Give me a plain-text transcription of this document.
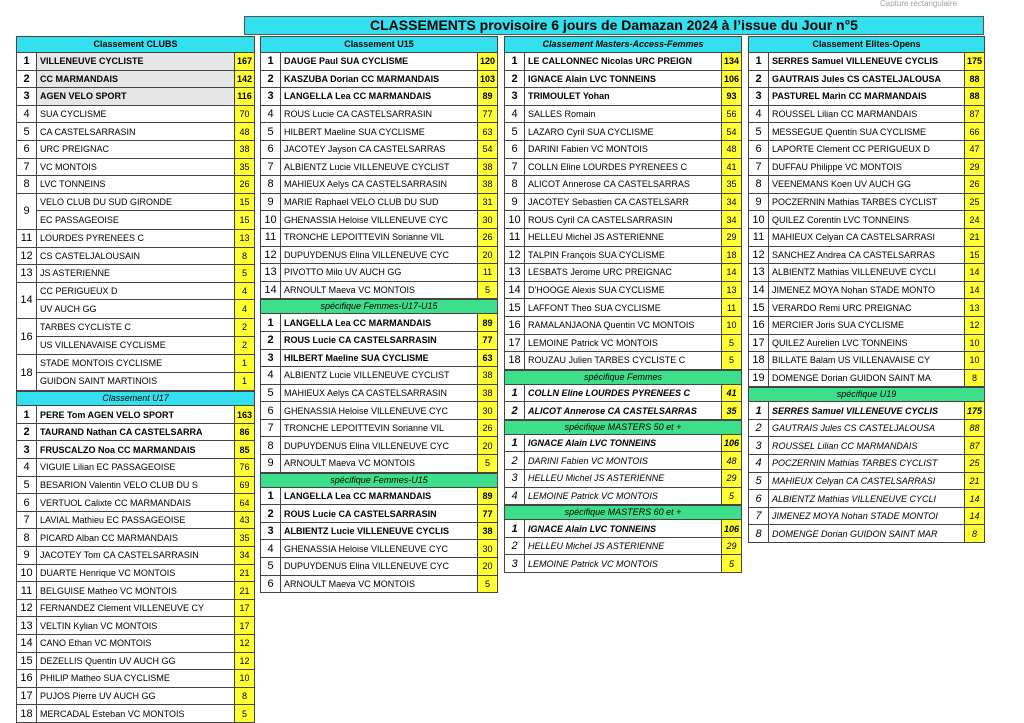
Capture rectangulaire
CLASSEMENTS provisoire 6 jours de Damazan 2024 à l’issue du Jour n°5
Classement CLUBS
1	VILLENEUVE CYCLISTE	167
2	CC MARMANDAIS	142
3	AGEN VELO SPORT	116
4	SUA CYCLISME	70
5	CA CASTELSARRASIN	48
6	URC PREIGNAC	38
7	VC MONTOIS	35
8	LVC TONNEINS	26
9
VELO CLUB DU SUD GIRONDE	15
EC PASSAGEOISE	15
11 LOURDES PYRENEES C	13
12 CS CASTELJALOUSAIN	8
13 JS ASTERIENNE	5
14
CC PERIGUEUX D	4
UV AUCH GG	4
16
TARBES CYCLISTE C	2
US VILLENAVAISE CYCLISME	2
18
STADE MONTOIS CYCLISME	1
GUIDON SAINT MARTINOIS	1
Classement U17
1	PERE Tom AGEN VELO SPORT	163
2	TAURAND Nathan CA CASTELSARRA	86
3	FRUSCALZO Noa CC MARMANDAIS	85
4	VIGUIE Lilian EC PASSAGEOISE	76
5	BESARION Valentin VELO CLUB DU S	69
6	VERTUOL Calixte CC MARMANDAIS	64
7	LAVIAL Mathieu EC PASSAGEOISE	43
8	PICARD Alban CC MARMANDAIS	35
9	JACOTEY Tom CA CASTELSARRASIN	34
10 DUARTE Henrique VC MONTOIS	21
11 BELGUISE Matheo VC MONTOIS	21
12 FERNANDEZ Clement VILLENEUVE CY	17
13 VELTIN Kylian VC MONTOIS	17
14 CANO Ethan VC MONTOIS	12
15 DEZELLIS Quentin UV AUCH GG	12
16 PHILIP Matheo SUA CYCLISME	10
17 PUJOS Pierre UV AUCH GG	8
18 MERCADAL Esteban VC MONTOIS	5
Classement U15
1	DAUGE Paul SUA CYCLISME	120
2	KASZUBA Dorian CC MARMANDAIS	103
3	LANGELLA Lea CC MARMANDAIS	89
4	ROUS Lucie CA CASTELSARRASIN	77
5	HILBERT Maeline SUA CYCLISME	63
6	JACOTEY Jayson CA CASTELSARRAS	54
7	ALBIENTZ Lucie VILLENEUVE CYCLIST	38
8	MAHIEUX Aelys CA CASTELSARRASIN	38
9	MARIE Raphael VELO CLUB DU SUD	31
10 GHENASSIA Heloise VILLENEUVE CYC	30
11 TRONCHE LEPOITTEVIN Sorianne VIL	26
12 DUPUYDENUS Elina VILLENEUVE CYC	20
13 PIVOTTO Milo UV AUCH GG	11
14 ARNOULT Maeva VC MONTOIS	5
spécifique Femmes-U17-U15
1	LANGELLA Lea CC MARMANDAIS	89
2	ROUS Lucie CA CASTELSARRASIN	77
3	HILBERT Maeline SUA CYCLISME	63
4	ALBIENTZ Lucie VILLENEUVE CYCLIST	38
5	MAHIEUX Aelys CA CASTELSARRASIN	38
6	GHENASSIA Heloise VILLENEUVE CYC	30
7	TRONCHE LEPOITTEVIN Sorianne VIL	26
8	DUPUYDENUS Elina VILLENEUVE CYC	20
9	ARNOULT Maeva VC MONTOIS	5
spécifique Femmes-U15
1	LANGELLA Lea CC MARMANDAIS	89
2	ROUS Lucie CA CASTELSARRASIN	77
3	ALBIENTZ Lucie VILLENEUVE CYCLIS	38
4	GHENASSIA Heloise VILLENEUVE CYC	30
5	DUPUYDENUS Elina VILLENEUVE CYC	20
6	ARNOULT Maeva VC MONTOIS	5
Classement Masters-Access-Femmes
1	LE CALLONNEC Nicolas URC PREIGN	134
2	IGNACE Alain LVC TONNEINS	106
3	TRIMOULET Yohan	93
4	SALLES Romain	56
5	LAZARO Cyril SUA CYCLISME	54
6	DARINI Fabien VC MONTOIS	48
7	COLLN Eline LOURDES PYRENEES C	41
8	ALICOT Annerose CA CASTELSARRAS	35
9	JACOTEY Sebastien CA CASTELSARR	34
10 ROUS Cyril CA CASTELSARRASIN	34
11 HELLEU Michel JS ASTERIENNE	29
12 TALPIN François SUA CYCLISME	18
13 LESBATS Jerome URC PREIGNAC	14
14 D'HOOGE Alexis SUA CYCLISME	13
15 LAFFONT Theo SUA CYCLISME	11
16 RAMALANJAONA Quentin VC MONTOIS	10
17 LEMOINE Patrick VC MONTOIS	5
18 ROUZAU Julien TARBES CYCLISTE C	5
spécifique Femmes
1	COLLN Eline LOURDES PYRENEES C	41
2	ALICOT Annerose CA CASTELSARRAS	35
spécifique MASTERS 50 et +
1	IGNACE Alain LVC TONNEINS	106
2	DARINI Fabien VC MONTOIS	48
3	HELLEU Michel JS ASTERIENNE	29
4	LEMOINE Patrick VC MONTOIS	5
spécifique MASTERS 60 et +
1	IGNACE Alain LVC TONNEINS	106
2	HELLEU Michel JS ASTERIENNE	29
3	LEMOINE Patrick VC MONTOIS	5
Classement Elites-Opens
1	SERRES Samuel VILLENEUVE CYCLIS	175
2	GAUTRAIS Jules CS CASTELJALOUSA	88
3	PASTUREL Marin CC MARMANDAIS	88
4	ROUSSEL Lilian CC MARMANDAIS	87
5	MESSEGUE Quentin SUA CYCLISME	66
6	LAPORTE Clement CC PERIGUEUX D	47
7	DUFFAU Philippe VC MONTOIS	29
8	VEENEMANS Koen UV AUCH GG	26
9	POCZERNIN Mathias TARBES CYCLIST	25
10 QUILEZ Corentin LVC TONNEINS	24
11 MAHIEUX Celyan CA CASTELSARRASI	21
12 SANCHEZ Andrea CA CASTELSARRAS	15
13 ALBIENTZ Mathias VILLENEUVE CYCLI	14
14 JIMENEZ MOYA Nohan STADE MONTO	14
15 VERARDO Remi URC PREIGNAC	13
16 MERCIER Joris SUA CYCLISME	12
17 QUILEZ Aurelien LVC TONNEINS	10
18 BILLATE Balam US VILLENAVAISE CY	10
19 DOMENGE Dorian GUIDON SAINT MA	8
spécifique U19
1	SERRES Samuel VILLENEUVE CYCLIS	175
2	GAUTRAIS Jules CS CASTELJALOUSA	88
3	ROUSSEL Lilian CC MARMANDAIS	87
4	POCZERNIN Mathias TARBES CYCLIST	25
5	MAHIEUX Celyan CA CASTELSARRASI	21
6	ALBIENTZ Mathias VILLENEUVE CYCLI	14
7	JIMENEZ MOYA Nohan STADE MONTOI	14
8	DOMENGE Dorian GUIDON SAINT MAR	8
